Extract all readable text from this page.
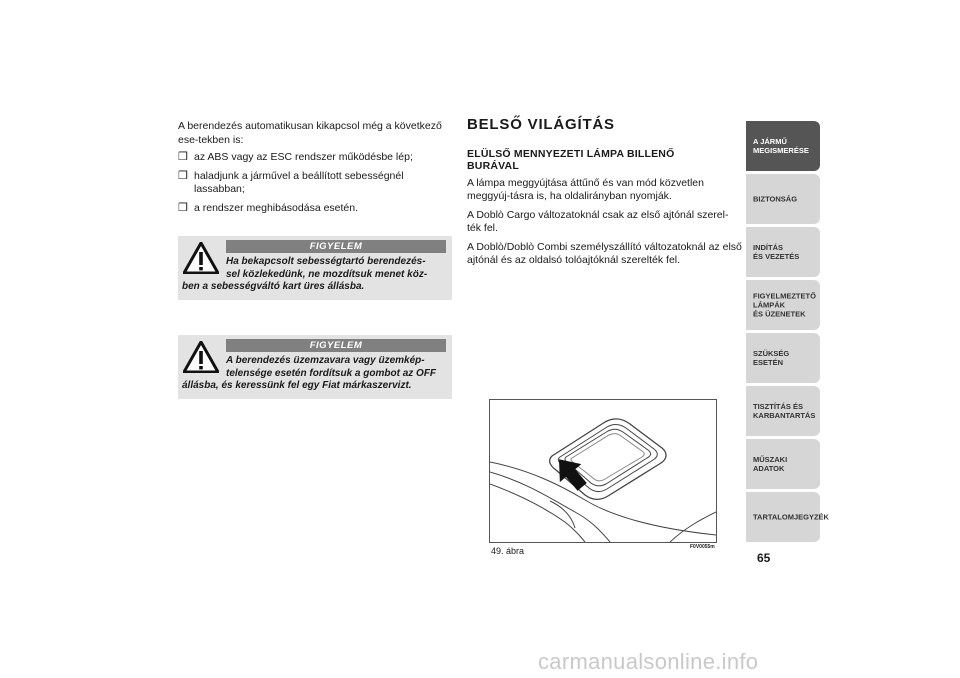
A berendezés automatikusan kikapcsol még a következő ese-tekben is:

❒ az ABS vagy az ESC rendszer működésbe lép;
❒ haladjunk a járművel a beállított sebességnél lassabban;
❒ a rendszer meghibásodása esetén.
FIGYELEM
Ha bekapcsolt sebességtartó berendezés-
sel közlekedünk, ne mozdítsuk menet köz-
ben a sebességváltó kart üres állásba.
FIGYELEM
A berendezés üzemzavara vagy üzemkép-
telensége esetén fordítsuk a gombot az OFF
állásba, és keressünk fel egy Fiat márkaszervizt.
BELSŐ VILÁGÍTÁS
ELÜLSŐ MENNYEZETI LÁMPA BILLENŐ
BURÁVAL

A lámpa meggyújtása áttűnő és van mód közvetlen meggyúj-tásra is, ha oldalirányban nyomják.

A Doblò Cargo változatoknál csak az első ajtónál szerel-ték fel.

A Doblò/Doblò Combi személyszállító változatoknál az első ajtónál és az oldalsó tolóajtóknál szerelték fel.

49. ábra	F0V0055m
A JÁRMŰ
MEGISMERÉSE
BIZTONSÁG
INDÍTÁS
ÉS VEZETÉS
FIGYELMEZTETŐ
LÁMPÁK
ÉS ÜZENETEK
SZÜKSÉG
ESETÉN
TISZTÍTÁS ÉS
KARBANTARTÁS
MŰSZAKI
ADATOK
TARTALOMJEGYZÉK
65
carmanualsonline.info
